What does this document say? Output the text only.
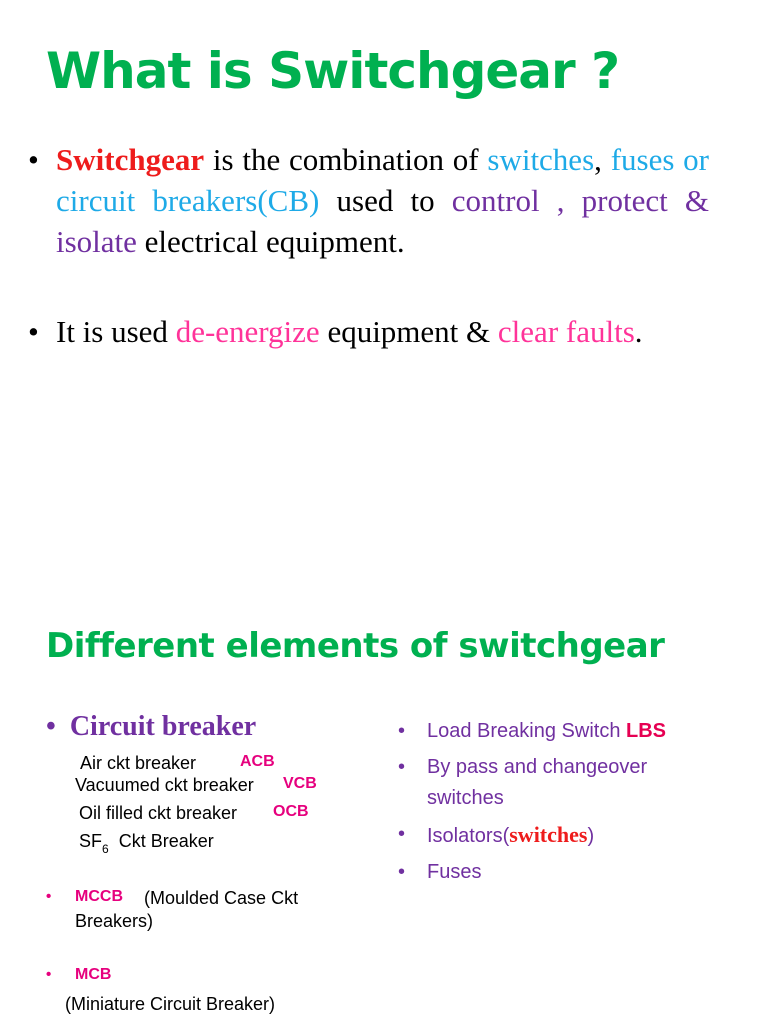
What is Switchgear ?
• Switchgear is the combination of switches, fuses or circuit breakers(CB) used to control , protect & isolate electrical equipment.

• It is used de-energize equipment & clear faults.

Different elements of switchgear
• Circuit breaker
Air ckt breaker	ACB
Vacuumed ckt breaker VCB
Oil filled ckt breaker OCB
$SF_6$ Ckt Breaker
• MCCB (Moulded Case Ckt
Breakers)
• MCB
(Miniature Circuit Breaker)
• Load Breaking Switch LBS
• By pass and changeover
switches
• Isolators(switches)
• Fuses
